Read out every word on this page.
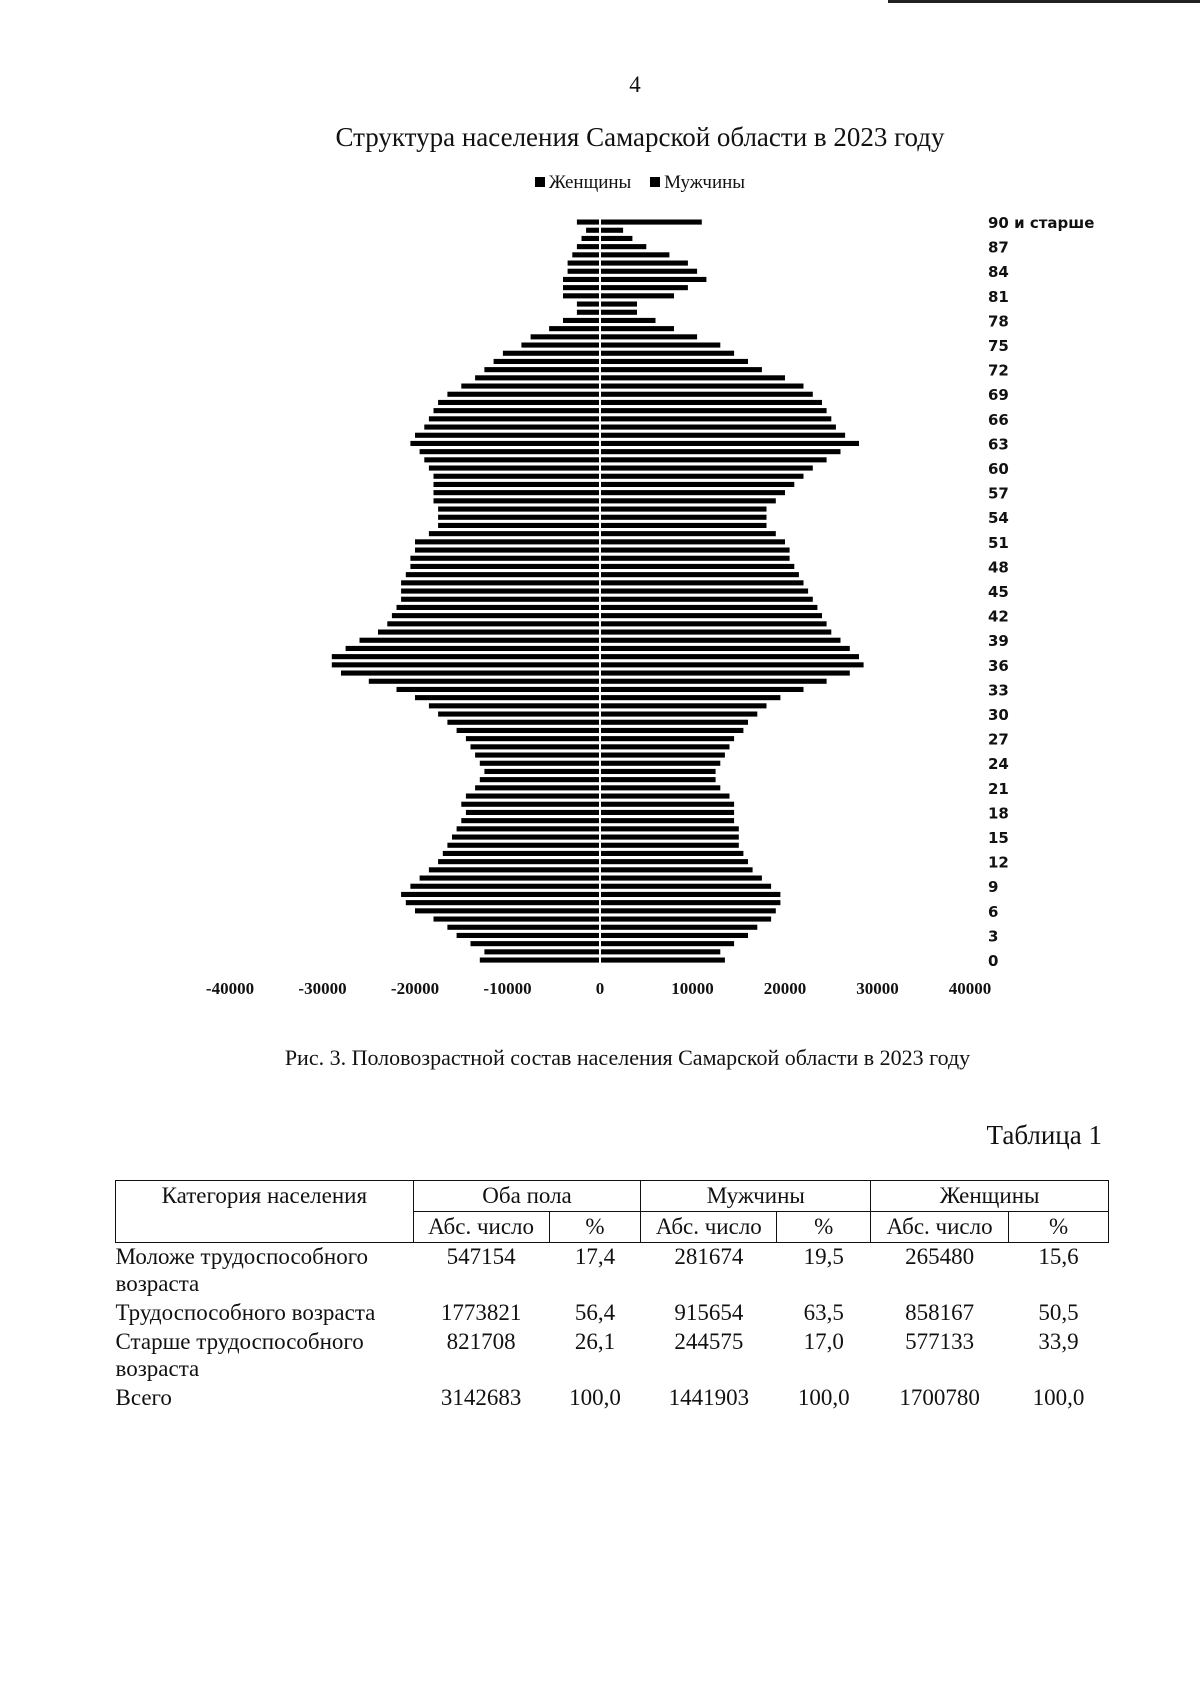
4
Структура населения Самарской области в 2023 году
Женщины Мужчины
90 и старше
87
84
81
78
75
72
69
66
63
60
57
54
51
48
45
42
39
36
33
30
27
24
21
18
15
12
9
6
3
0
-40000	-30000	-20000	-10000	0	10000	20000	30000	40000
Рис. 3. Половозрастной состав населения Самарской области в 2023 году
Таблица 1
Категория населения	Оба пола		Мужчины		Женщины	
	Абс. число	%	Абс. число	%	Абс. число	%
Моложе трудоспособного возраста	547154	17,4	281674	19,5	265480	15,6
Трудоспособного возраста	1773821	56,4	915654	63,5	858167	50,5
Старше трудоспособного возраста	821708	26,1	244575	17,0	577133	33,9
Всего	3142683	100,0	1441903	100,0	1700780	100,0
